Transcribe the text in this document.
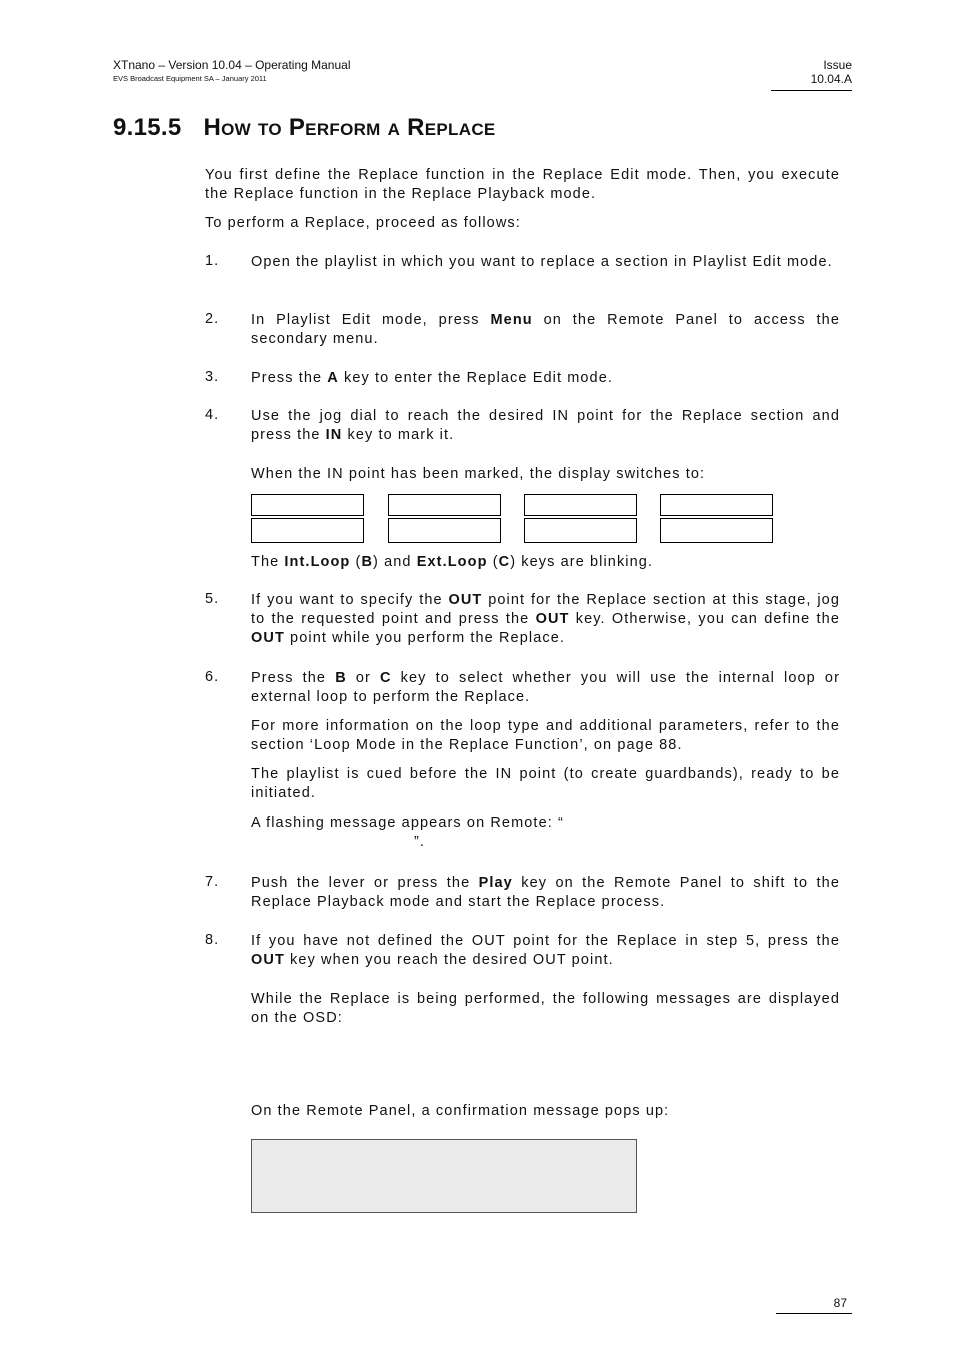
XTnano – Version 10.04 – Operating Manual
EVS Broadcast Equipment SA – January 2011
Issue
10.04.A
9.15.5 How to Perform a Replace
You first define the Replace function in the Replace Edit mode. Then, you execute the Replace function in the Replace Playback mode.
To perform a Replace, proceed as follows:
1. Open the playlist in which you want to replace a section in Playlist Edit mode.
2. In Playlist Edit mode, press Menu on the Remote Panel to access the secondary menu.
3. Press the A key to enter the Replace Edit mode.
4. Use the jog dial to reach the desired IN point for the Replace section and press the IN key to mark it.
When the IN point has been marked, the display switches to:
The Int.Loop (B) and Ext.Loop (C) keys are blinking.
5. If you want to specify the OUT point for the Replace section at this stage, jog to the requested point and press the OUT key. Otherwise, you can define the OUT point while you perform the Replace.
6. Press the B or C key to select whether you will use the internal loop or external loop to perform the Replace.
For more information on the loop type and additional parameters, refer to the section ‘Loop Mode in the Replace Function’, on page 88.
The playlist is cued before the IN point (to create guardbands), ready to be initiated.
A flashing message appears on Remote: “
”.
7. Push the lever or press the Play key on the Remote Panel to shift to the Replace Playback mode and start the Replace process.
8. If you have not defined the OUT point for the Replace in step 5, press the OUT key when you reach the desired OUT point.
While the Replace is being performed, the following messages are displayed on the OSD:
On the Remote Panel, a confirmation message pops up:
87
